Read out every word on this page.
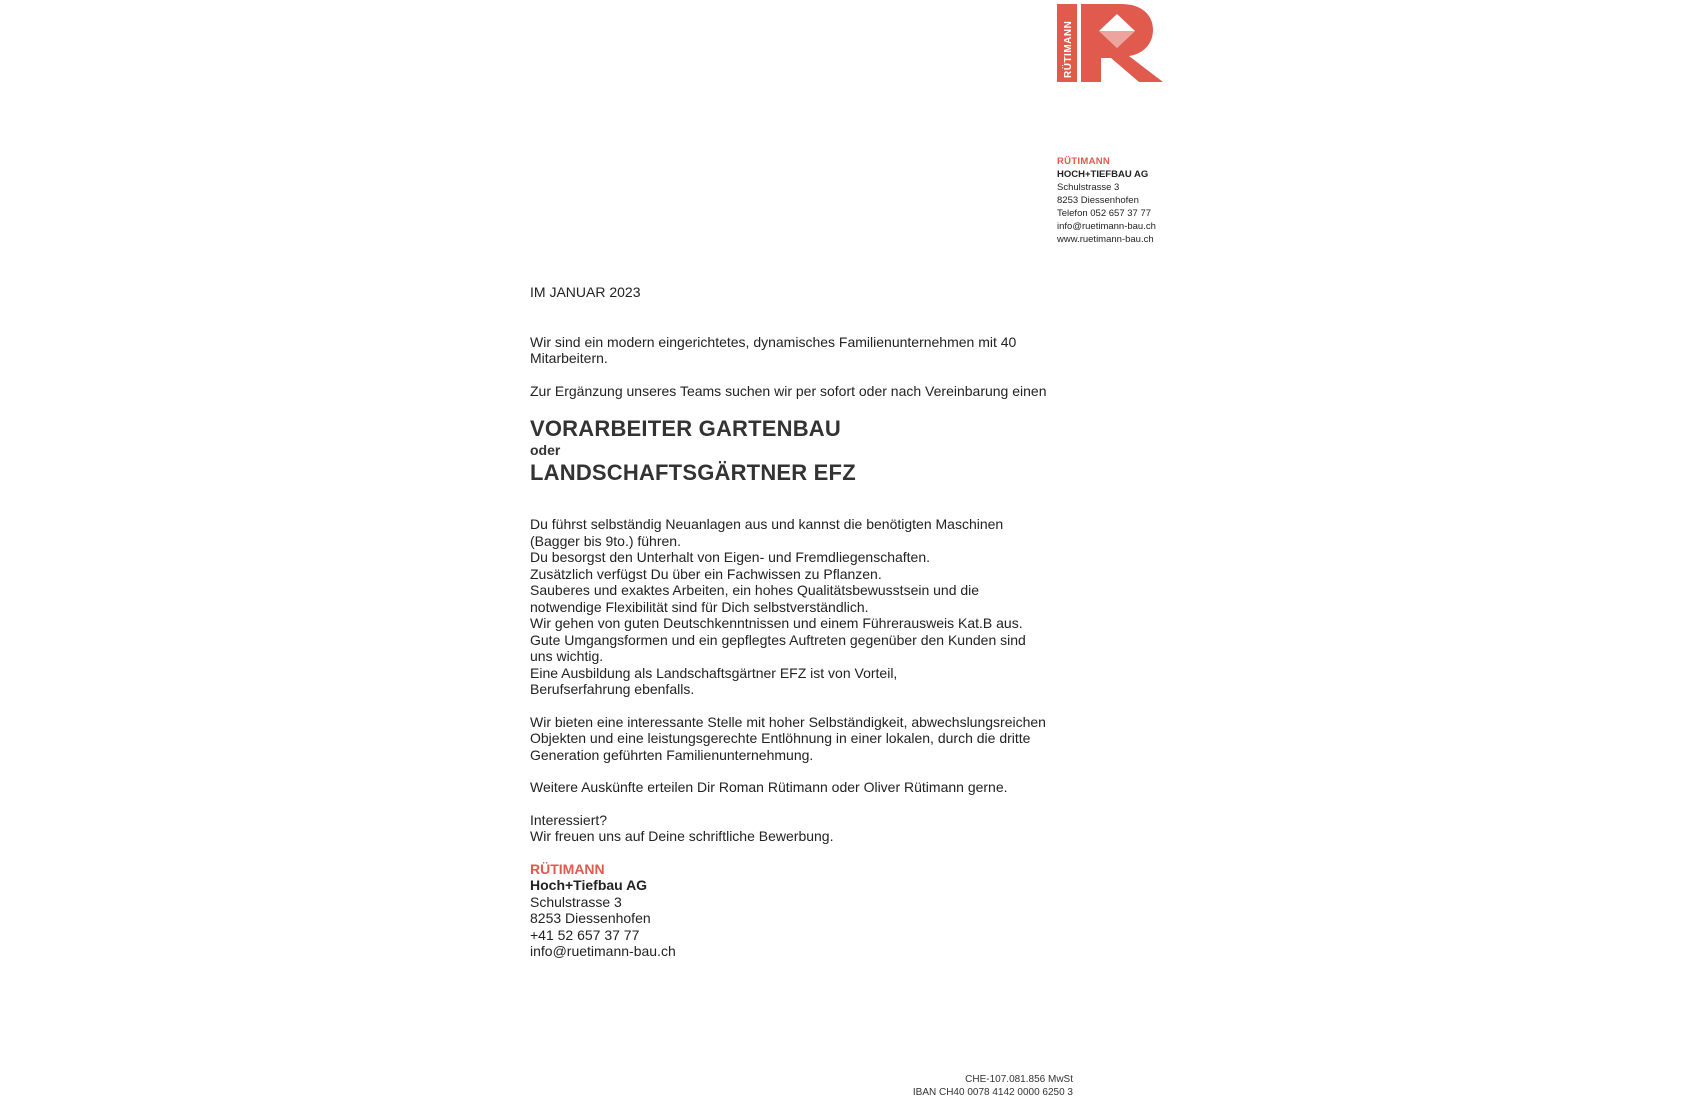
RÜTIMANN
RÜTIMANN
HOCH+TIEFBAU AG
Schulstrasse 3
8253 Diessenhofen
Telefon 052 657 37 77
info@ruetimann-bau.ch
www.ruetimann-bau.ch

IM JANUAR 2023

Wir sind ein modern eingerichtetes, dynamisches Familienunternehmen mit 40 Mitarbeitern.

Zur Ergänzung unseres Teams suchen wir per sofort oder nach Vereinbarung einen

VORARBEITER GARTENBAU
oder
LANDSCHAFTSGÄRTNER EFZ
Du führst selbständig Neuanlagen aus und kannst die benötigten Maschinen
(Bagger bis 9to.) führen.
Du besorgst den Unterhalt von Eigen- und Fremdliegenschaften.
Zusätzlich verfügst Du über ein Fachwissen zu Pflanzen.
Sauberes und exaktes Arbeiten, ein hohes Qualitätsbewusstsein und die
notwendige Flexibilität sind für Dich selbstverständlich.
Wir gehen von guten Deutschkenntnissen und einem Führerausweis Kat.B aus.
Gute Umgangsformen und ein gepflegtes Auftreten gegenüber den Kunden sind
uns wichtig.
Eine Ausbildung als Landschaftsgärtner EFZ ist von Vorteil,
Berufserfahrung ebenfalls.

Wir bieten eine interessante Stelle mit hoher Selbständigkeit, abwechslungsreichen Objekten und eine leistungsgerechte Entlöhnung in einer lokalen, durch die dritte Generation geführten Familienunternehmung.

Weitere Auskünfte erteilen Dir Roman Rütimann oder Oliver Rütimann gerne.

Interessiert?
Wir freuen uns auf Deine schriftliche Bewerbung.

RÜTIMANN
Hoch+Tiefbau AG
Schulstrasse 3
8253 Diessenhofen
+41 52 657 37 77
info@ruetimann-bau.ch
CHE-107.081.856 MwSt
IBAN CH40 0078 4142 0000 6250 3
